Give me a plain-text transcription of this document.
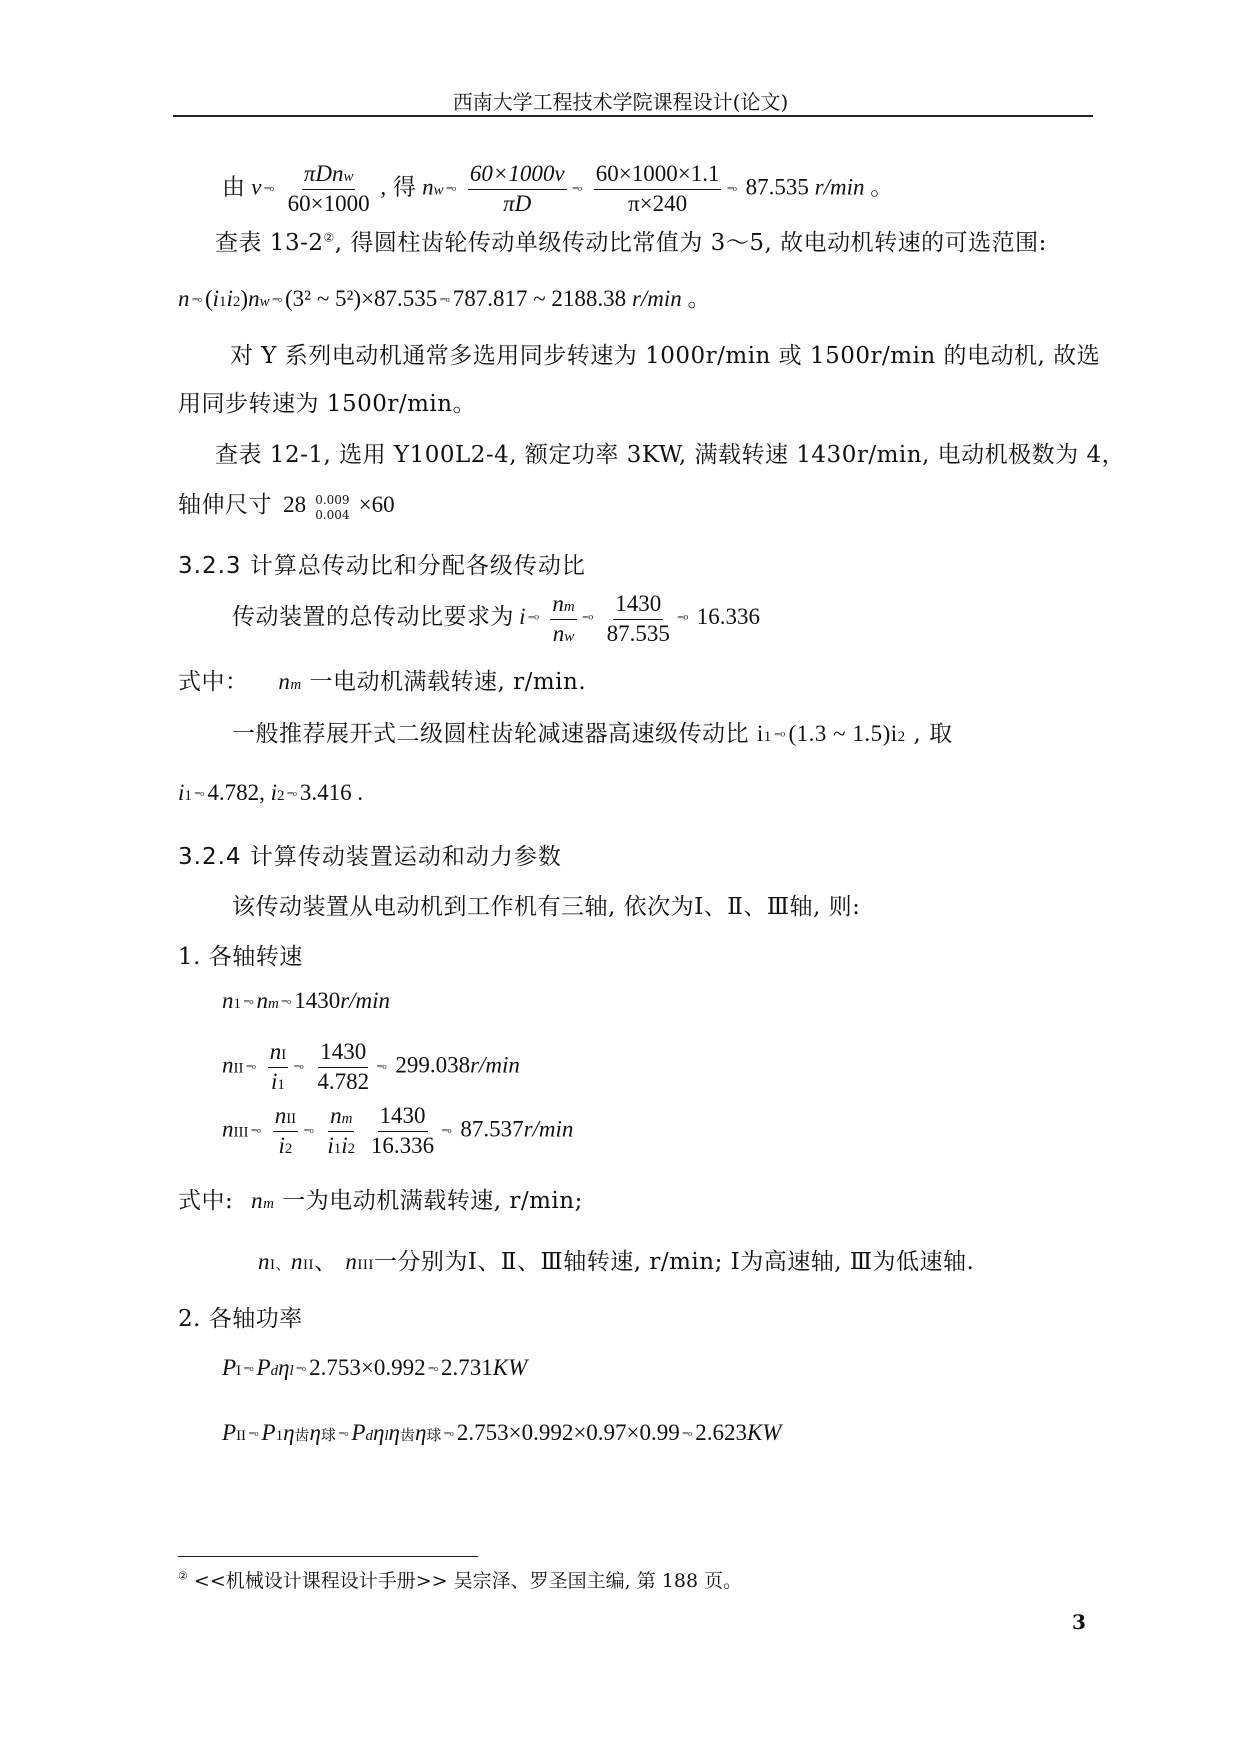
西南大学工程技术学院课程设计(论文)
由 ν ⁼ᵒ $\frac{\text{πDnw}}{60\times 1000}$ , 得 nw ⁼ᵒ $\frac{60\times 1000\nu}{\pi D}$ ⁼ᵒ $\frac{60\times 1000\times 1.1}{\pi\times 240}$ ⁼ᵒ 87.535 r/min 。
查表 13-2②, 得圆柱齿轮传动单级传动比常值为 3～5, 故电动机转速的可选范围:
n ⁼ᵒ (i1i2)nw ⁼ᵒ (3² ~ 5²)×87.535 ⁼ᵒ 787.817 ~ 2188.38 r/min 。
对 Y 系列电动机通常多选用同步转速为 1000r/min 或 1500r/min 的电动机, 故选
用同步转速为 1500r/min。
查表 12-1, 选用 Y100L2-4, 额定功率 3KW, 满载转速 1430r/min, 电动机极数为 4，
轴伸尺寸 28 0.009
0.004 ×60
3.2.3 计算总传动比和分配各级传动比
传动装置的总传动比要求为 i ⁼ᵒ $\frac{nm}{nw}$ ⁼ᵒ $\frac{1430}{87.535}$ ⁼ᵒ 16.336
式中： nm 一电动机满载转速, r/min.
一般推荐展开式二级圆柱齿轮减速器高速级传动比 i1 ⁼ᵒ (1.3 ~ 1.5)i2 , 取
i1 ⁼ᵒ 4.782, i2 ⁼ᵒ 3.416 .
3.2.4 计算传动装置运动和动力参数
该传动装置从电动机到工作机有三轴, 依次为Ⅰ、Ⅱ、Ⅲ轴, 则:
1. 各轴转速
n1 ⁼ᵒ nm ⁼ᵒ 1430r/min
nII ⁼ᵒ $\frac{nI}{i1}$ ⁼ᵒ $\frac{1430}{4.782}$ ⁼ᵒ 299.038r/min
nIII ⁼ᵒ $\frac{\text{nII}}{i2}$ ⁼ᵒ $\frac{nm}{i1i2}$
$\frac{1430}{16.336}$ ⁼ᵒ 87.537r/min
式中: nm 一为电动机满载转速, r/min;
nI、nII、 nIII一分别为Ⅰ、Ⅱ、Ⅲ轴转速, r/min; Ⅰ为高速轴, Ⅲ为低速轴.
2. 各轴功率
PI ⁼ᵒ Pdηl ⁼ᵒ 2.753×0.992 ⁼ᵒ 2.731KW
PII ⁼ᵒ P1η齿η球 ⁼ᵒ Pdηlη齿η球 ⁼ᵒ 2.753×0.992×0.97×0.99 ⁼ᵒ 2.623KW
② <<机械设计课程设计手册>> 吴宗泽、罗圣国主编, 第 188 页。
3
